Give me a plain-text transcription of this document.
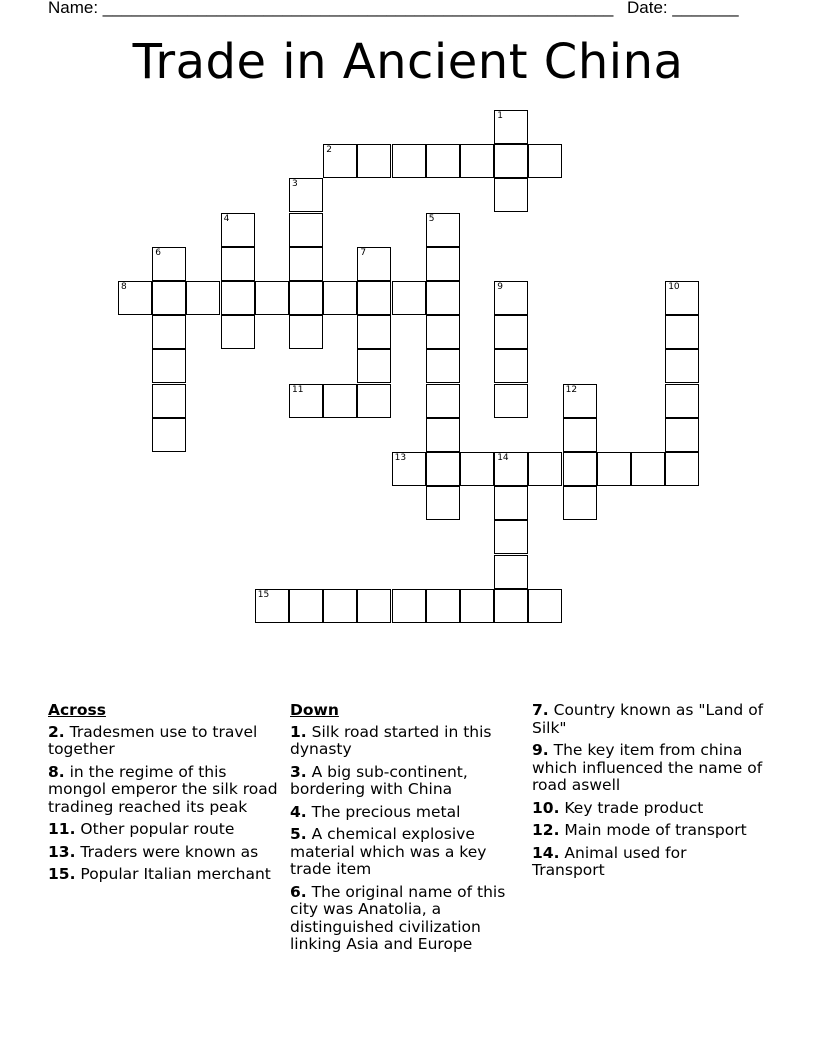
Name: ______________________________________________________ Date: _______
Trade in Ancient China
1
2
3
4	5
6	7
8	9	10
11	12
13	14
15
Across
2. Tradesmen use to travel together
8. in the regime of this mongol emperor the silk road tradineg reached its peak
11. Other popular route
13. Traders were known as
15. Popular Italian merchant
Down
1. Silk road started in this dynasty
3. A big sub-continent, bordering with China
4. The precious metal
5. A chemical explosive material which was a key trade item
6. The original name of this city was Anatolia, a distinguished civilization linking Asia and Europe
7. Country known as "Land of Silk"
9. The key item from china which influenced the name of road aswell
10. Key trade product
12. Main mode of transport
14. Animal used for Transport
